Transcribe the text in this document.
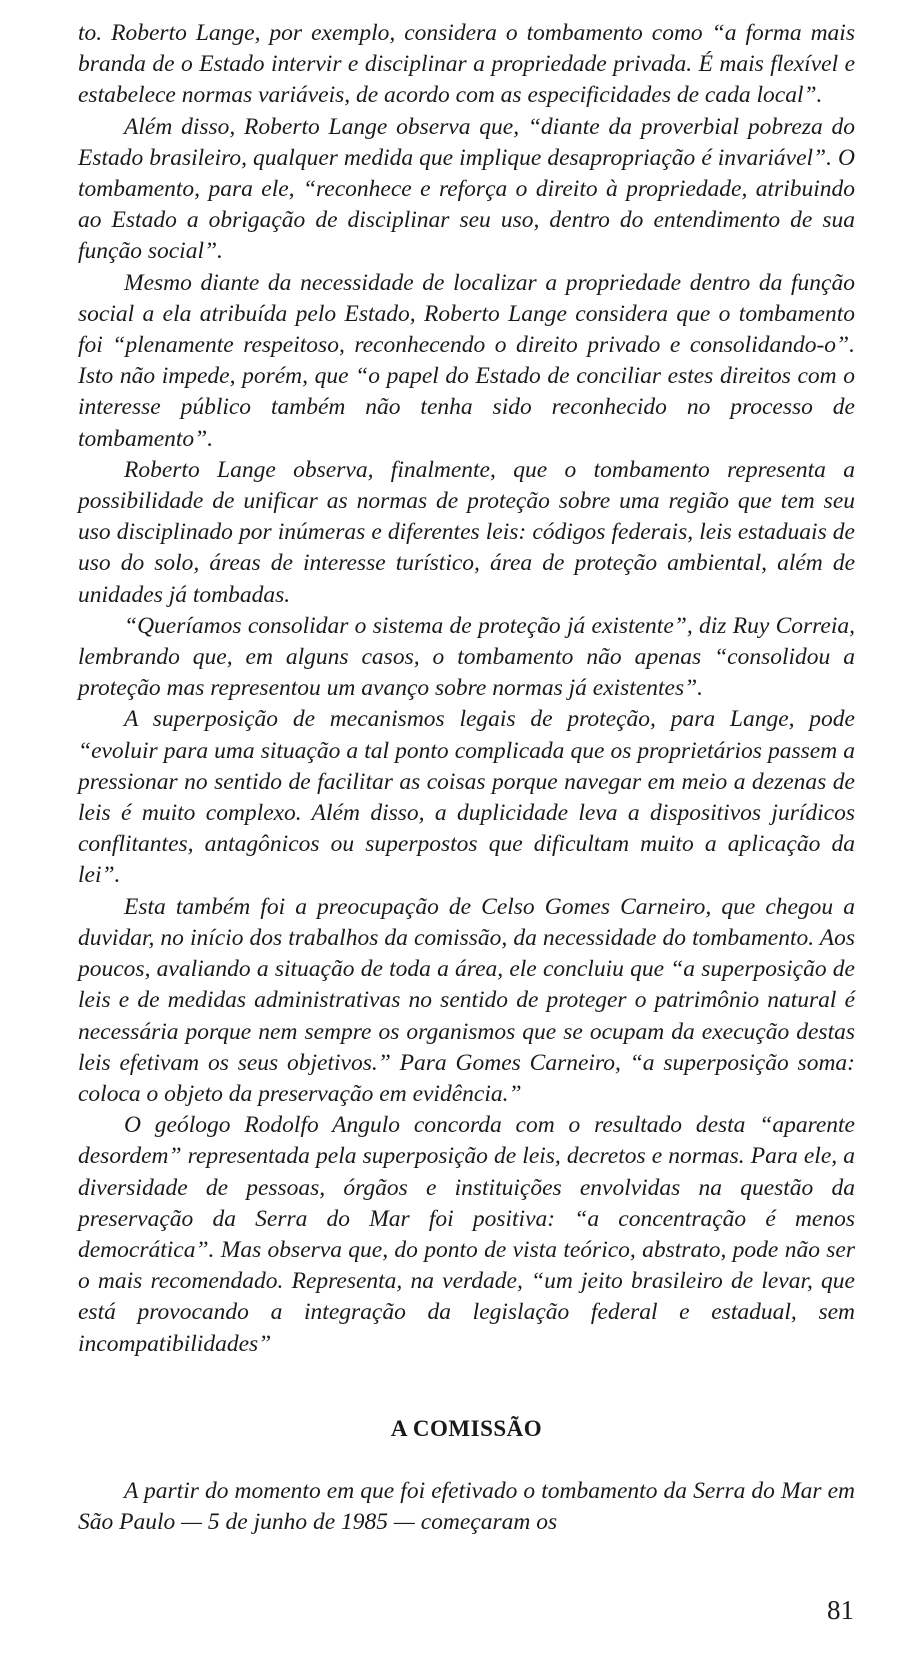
to. Roberto Lange, por exemplo, considera o tombamento como “a forma mais branda de o Estado intervir e disciplinar a propriedade privada. É mais flexível e estabelece normas variáveis, de acordo com as especificidades de cada local”.

Além disso, Roberto Lange observa que, “diante da proverbial pobreza do Estado brasileiro, qualquer medida que implique desapropriação é invariável”. O tombamento, para ele, “reconhece e reforça o direito à propriedade, atribuindo ao Estado a obrigação de disciplinar seu uso, dentro do entendimento de sua função social”.

Mesmo diante da necessidade de localizar a propriedade dentro da função social a ela atribuída pelo Estado, Roberto Lange considera que o tombamento foi “plenamente respeitoso, reconhecendo o direito privado e consolidando-o”. Isto não impede, porém, que “o papel do Estado de conciliar estes direitos com o interesse público também não tenha sido reconhecido no processo de tombamento”.

Roberto Lange observa, finalmente, que o tombamento representa a possibilidade de unificar as normas de proteção sobre uma região que tem seu uso disciplinado por inúmeras e diferentes leis: códigos federais, leis estaduais de uso do solo, áreas de interesse turístico, área de proteção ambiental, além de unidades já tombadas.

“Queríamos consolidar o sistema de proteção já existente”, diz Ruy Correia, lembrando que, em alguns casos, o tombamento não apenas “consolidou a proteção mas representou um avanço sobre normas já existentes”.

A superposição de mecanismos legais de proteção, para Lange, pode “evoluir para uma situação a tal ponto complicada que os proprietários passem a pressionar no sentido de facilitar as coisas porque navegar em meio a dezenas de leis é muito complexo. Além disso, a duplicidade leva a dispositivos jurídicos conflitantes, antagônicos ou superpostos que dificultam muito a aplicação da lei”.

Esta também foi a preocupação de Celso Gomes Carneiro, que chegou a duvidar, no início dos trabalhos da comissão, da necessidade do tombamento. Aos poucos, avaliando a situação de toda a área, ele concluiu que “a superposição de leis e de medidas administrativas no sentido de proteger o patrimônio natural é necessária porque nem sempre os organismos que se ocupam da execução destas leis efetivam os seus objetivos.” Para Gomes Carneiro, “a superposição soma: coloca o objeto da preservação em evidência.”

O geólogo Rodolfo Angulo concorda com o resultado desta “aparente desordem” representada pela superposição de leis, decretos e normas. Para ele, a diversidade de pessoas, órgãos e instituições envolvidas na questão da preservação da Serra do Mar foi positiva: “a concentração é menos democrática”. Mas observa que, do ponto de vista teórico, abstrato, pode não ser o mais recomendado. Representa, na verdade, “um jeito brasileiro de levar, que está provocando a integração da legislação federal e estadual, sem incompatibilidades”

A COMISSÃO

A partir do momento em que foi efetivado o tombamento da Serra do Mar em São Paulo — 5 de junho de 1985 — começaram os

81
